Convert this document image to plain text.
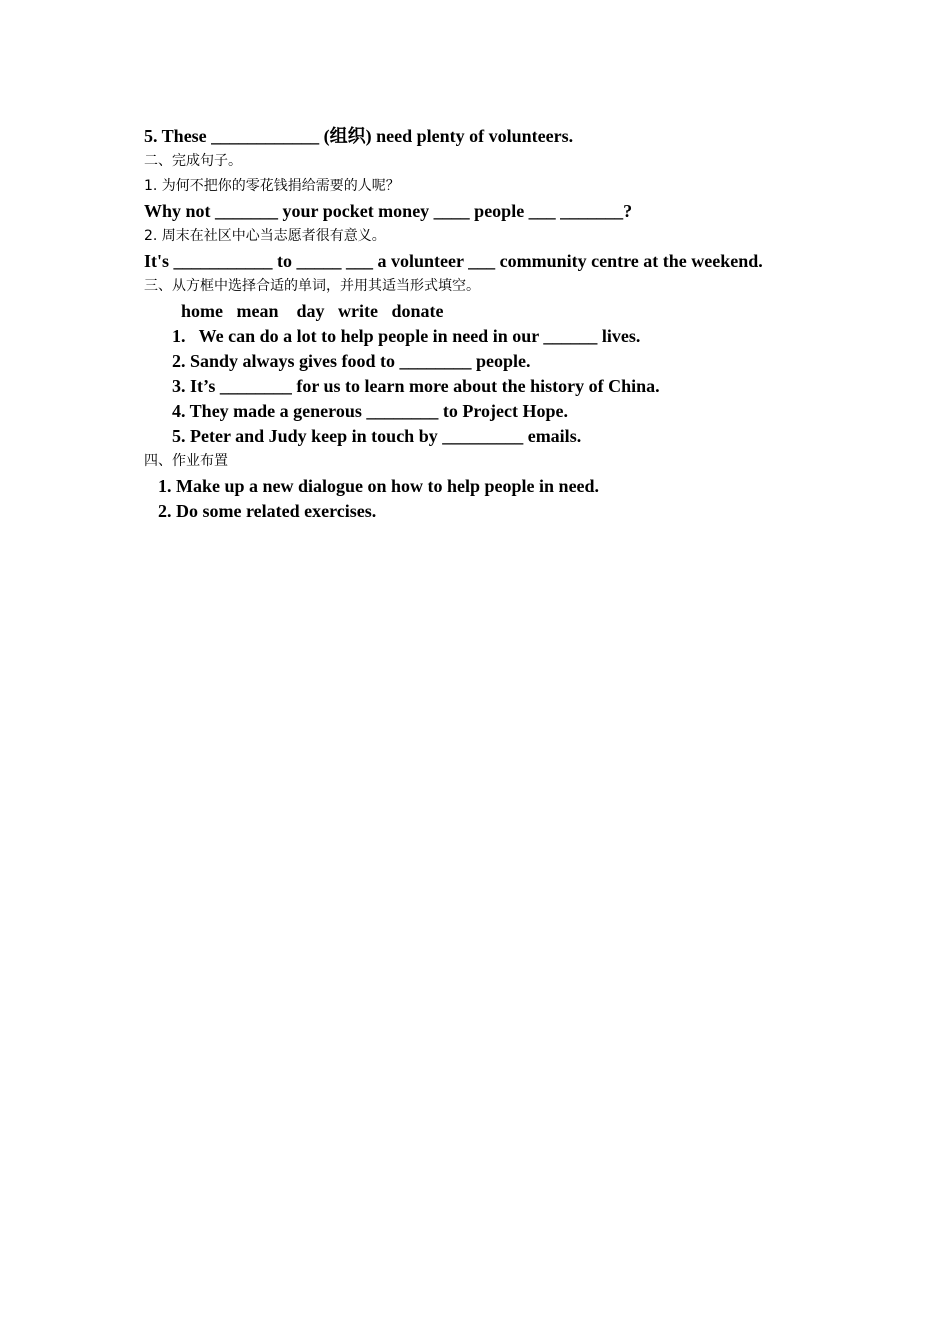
5. These ____________ (组织) need plenty of volunteers.
二、完成句子。
1. 为何不把你的零花钱捐给需要的人呢？
Why not _______ your pocket money ____ people ___ _______?
2. 周末在社区中心当志愿者很有意义。
It's ___________ to _____ ___ a volunteer ___ community centre at the weekend.
三、从方框中选择合适的单词，并用其适当形式填空。
home   mean    day   write   donate
1.   We can do a lot to help people in need in our ______ lives.
2. Sandy always gives food to ________ people.
3. It’s ________ for us to learn more about the history of China.
4. They made a generous ________ to Project Hope.
5. Peter and Judy keep in touch by _________ emails.
四、作业布置
1. Make up a new dialogue on how to help people in need.
2. Do some related exercises.
